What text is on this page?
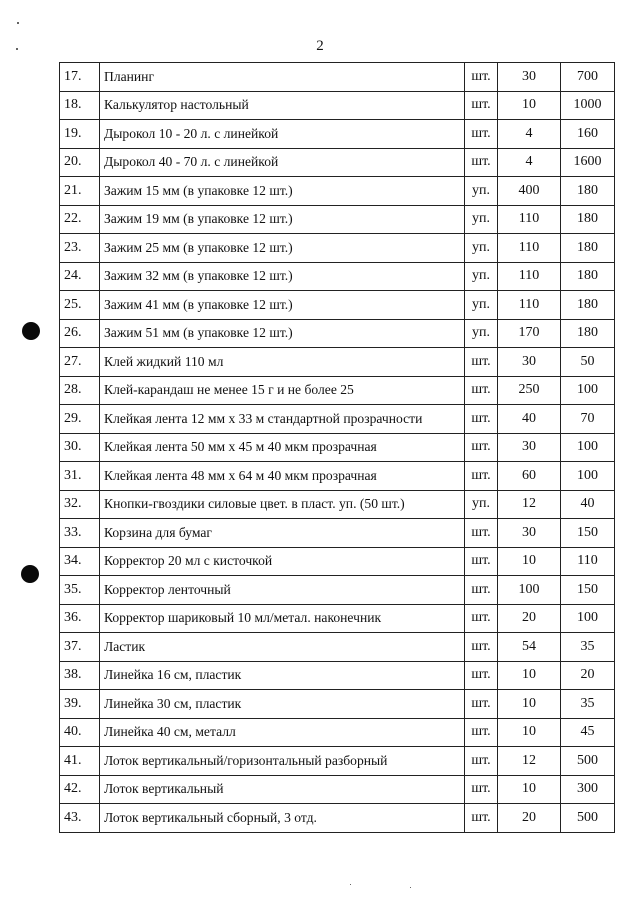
2
17.	Планинг	шт.	30	700
18.	Калькулятор настольный	шт.	10	1000
19.	Дырокол 10 - 20 л. с линейкой	шт.	4	160
20.	Дырокол 40 - 70 л. с линейкой	шт.	4	1600
21.	Зажим 15 мм (в упаковке 12 шт.)	уп.	400	180
22.	Зажим 19 мм (в упаковке 12 шт.)	уп.	110	180
23.	Зажим 25 мм (в упаковке 12 шт.)	уп.	110	180
24.	Зажим 32 мм (в упаковке 12 шт.)	уп.	110	180
25.	Зажим 41 мм (в упаковке 12 шт.)	уп.	110	180
26.	Зажим 51 мм (в упаковке 12 шт.)	уп.	170	180
27.	Клей жидкий 110 мл	шт.	30	50
28.	Клей-карандаш не менее 15 г и не более 25	шт.	250	100
29.	Клейкая лента 12 мм х 33 м стандартной прозрачности	шт.	40	70
30.	Клейкая лента 50 мм х 45 м 40 мкм прозрачная	шт.	30	100
31.	Клейкая лента 48 мм х 64 м 40 мкм прозрачная	шт.	60	100
32.	Кнопки-гвоздики силовые цвет. в пласт. уп. (50 шт.)	уп.	12	40
33.	Корзина для бумаг	шт.	30	150
34.	Корректор 20 мл с кисточкой	шт.	10	110
35.	Корректор ленточный	шт.	100	150
36.	Корректор шариковый 10 мл/метал. наконечник	шт.	20	100
37.	Ластик	шт.	54	35
38.	Линейка 16 см, пластик	шт.	10	20
39.	Линейка 30 см, пластик	шт.	10	35
40.	Линейка 40 см, металл	шт.	10	45
41.	Лоток вертикальный/горизонтальный разборный	шт.	12	500
42.	Лоток вертикальный	шт.	10	300
43.	Лоток вертикальный сборный, 3 отд.	шт.	20	500
